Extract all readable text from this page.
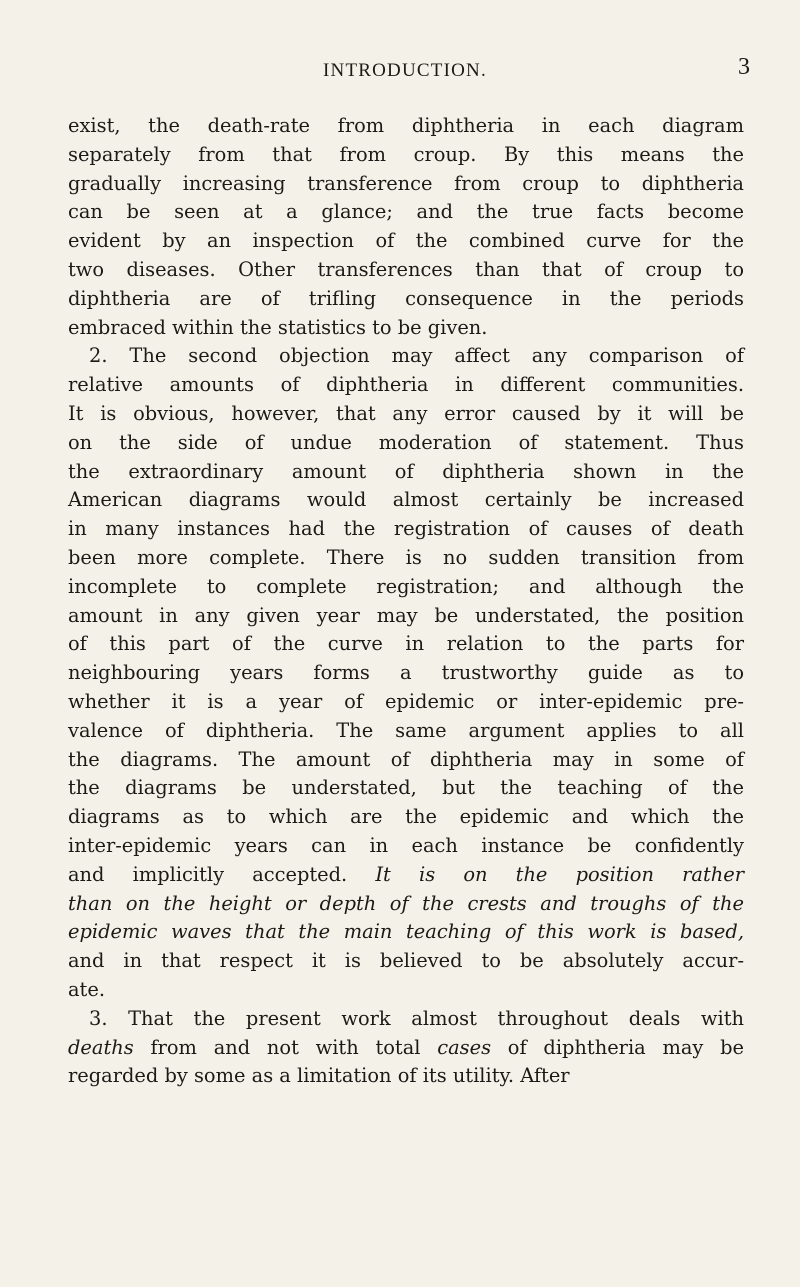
INTRODUCTION.	3
exist, the death-rate from diphtheria in each diagram
separately from that from croup. By this means the
gradually increasing transference from croup to diphtheria
can be seen at a glance; and the true facts become
evident by an inspection of the combined curve for the
two diseases. Other transferences than that of croup to
diphtheria are of trifling consequence in the periods
embraced within the statistics to be given.
2. The second objection may affect any comparison of
relative amounts of diphtheria in different communities.
It is obvious, however, that any error caused by it will be
on the side of undue moderation of statement. Thus
the extraordinary amount of diphtheria shown in the
American diagrams would almost certainly be increased
in many instances had the registration of causes of death
been more complete. There is no sudden transition from
incomplete to complete registration; and although the
amount in any given year may be understated, the position
of this part of the curve in relation to the parts for
neighbouring years forms a trustworthy guide as to
whether it is a year of epidemic or inter-epidemic pre-
valence of diphtheria. The same argument applies to all
the diagrams. The amount of diphtheria may in some of
the diagrams be understated, but the teaching of the
diagrams as to which are the epidemic and which the
inter-epidemic years can in each instance be confidently
and implicitly accepted. It is on the position rather
than on the height or depth of the crests and troughs of the
epidemic waves that the main teaching of this work is based,
and in that respect it is believed to be absolutely accur-
ate.
3. That the present work almost throughout deals with
deaths from and not with total cases of diphtheria may be
regarded by some as a limitation of its utility. After
